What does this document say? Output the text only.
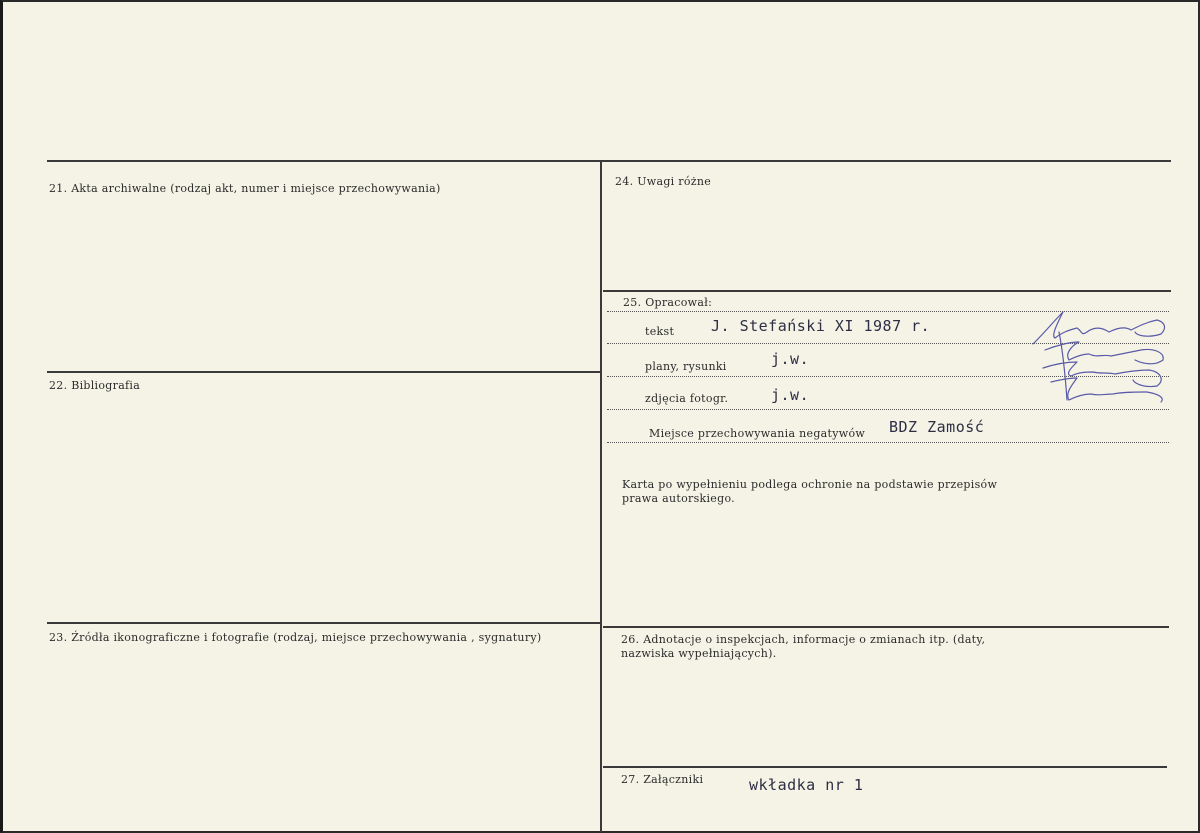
21. Akta archiwalne (rodzaj akt, numer i miejsce przechowywania)
22. Bibliografia
23. Źródła ikonograficzne i fotografie (rodzaj, miejsce przechowywania , sygnatury)
24. Uwagi różne
25. Opracował:
tekst J. Stefański XI 1987 r.
plany, rysunki	j.w.
zdjęcia fotogr.	j.w.
Miejsce przechowywania negatywów BDZ Zamość
Karta po wypełnieniu podlega ochronie na podstawie przepisów
prawa autorskiego.
26. Adnotacje o inspekcjach, informacje o zmianach itp. (daty,
nazwiska wypełniających).
27. Załączniki	wkładka nr 1
